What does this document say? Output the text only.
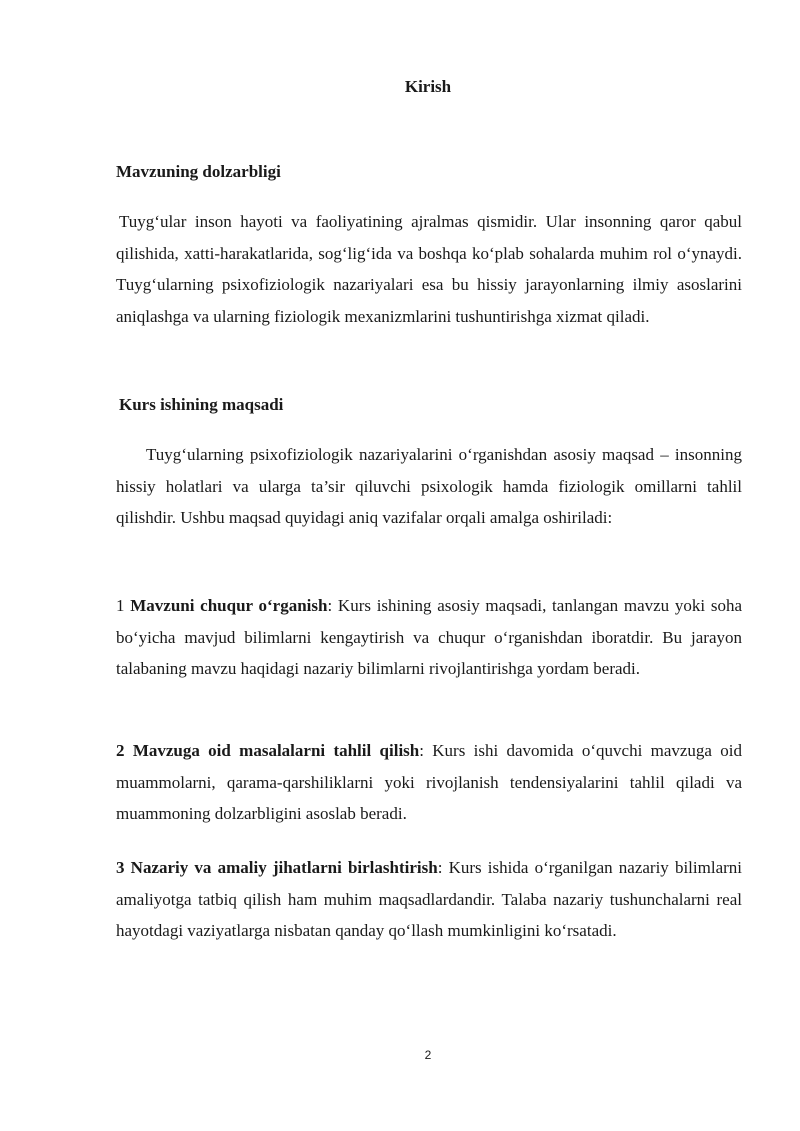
Kirish
Mavzuning dolzarbligi

Tuyg‘ular inson hayoti va faoliyatining ajralmas qismidir. Ular insonning qaror qabul qilishida, xatti-harakatlarida, sog‘lig‘ida va boshqa ko‘plab sohalarda muhim rol o‘ynaydi. Tuyg‘ularning psixofiziologik nazariyalari esa bu hissiy jarayonlarning ilmiy asoslarini aniqlashga va ularning fiziologik mexanizmlarini tushuntirishga xizmat qiladi.

Kurs ishining maqsadi

Tuyg‘ularning psixofiziologik nazariyalarini o‘rganishdan asosiy maqsad – insonning hissiy holatlari va ularga ta’sir qiluvchi psixologik hamda fiziologik omillarni tahlil qilishdir. Ushbu maqsad quyidagi aniq vazifalar orqali amalga oshiriladi:

1 Mavzuni chuqur o‘rganish: Kurs ishining asosiy maqsadi, tanlangan mavzu yoki soha bo‘yicha mavjud bilimlarni kengaytirish va chuqur o‘rganishdan iboratdir. Bu jarayon talabaning mavzu haqidagi nazariy bilimlarni rivojlantirishga yordam beradi.

2 Mavzuga oid masalalarni tahlil qilish: Kurs ishi davomida o‘quvchi mavzuga oid muammolarni, qarama-qarshiliklarni yoki rivojlanish tendensiyalarini tahlil qiladi va muammoning dolzarbligini asoslab beradi.

3 Nazariy va amaliy jihatlarni birlashtirish: Kurs ishida o‘rganilgan nazariy bilimlarni amaliyotga tatbiq qilish ham muhim maqsadlardandir. Talaba nazariy tushunchalarni real hayotdagi vaziyatlarga nisbatan qanday qo‘llash mumkinligini ko‘rsatadi.

2
